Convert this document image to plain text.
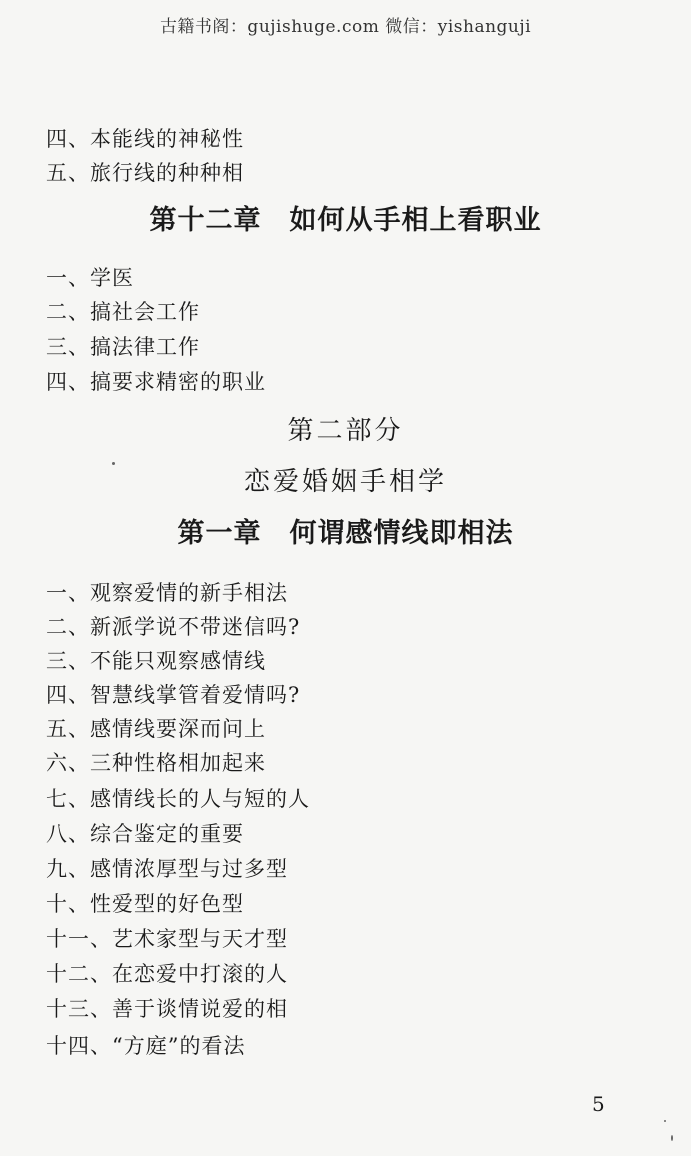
古籍书阁：gujishuge.com 微信：yishanguji
四、本能线的神秘性
五、旅行线的种种相
第十二章　如何从手相上看职业
一、学医
二、搞社会工作
三、搞法律工作
四、搞要求精密的职业
第二部分
恋爱婚姻手相学
第一章　何谓感情线即相法
一、观察爱情的新手相法
二、新派学说不带迷信吗?
三、不能只观察感情线
四、智慧线掌管着爱情吗?
五、感情线要深而问上
六、三种性格相加起来
七、感情线长的人与短的人
八、综合鉴定的重要
九、感情浓厚型与过多型
十、性爱型的好色型
十一、艺术家型与天才型
十二、在恋爱中打滚的人
十三、善于谈情说爱的相
十四、“方庭”的看法
5
